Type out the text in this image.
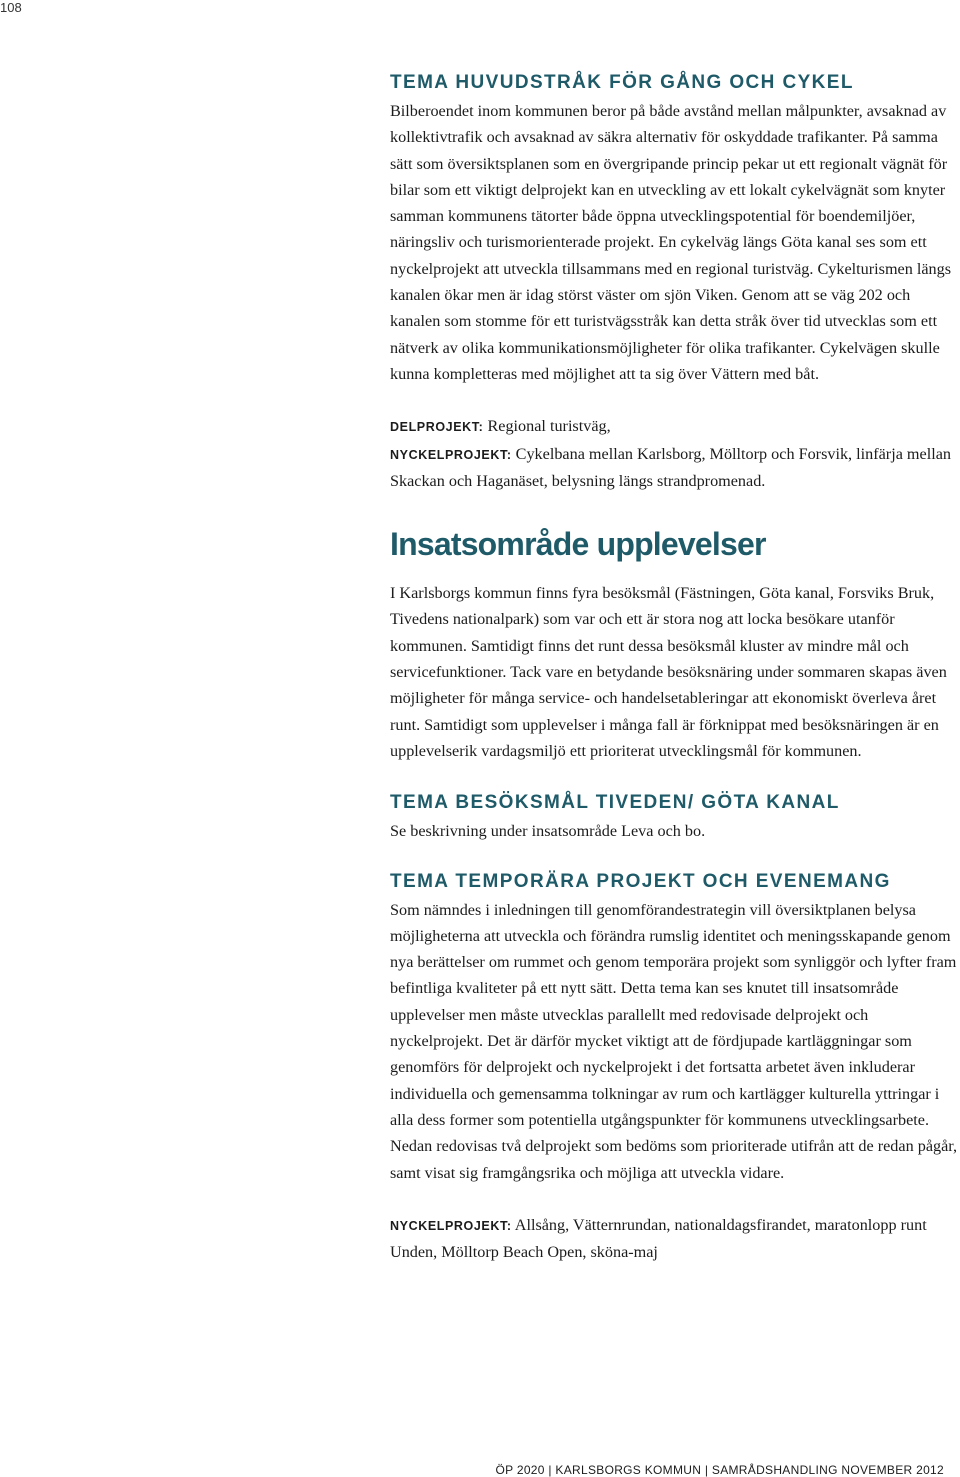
108
TEMA HUVUDSTRÅK FÖR GÅNG OCH CYKEL

Bilberoendet inom kommunen beror på både avstånd mellan målpunkter, avsaknad av kollektivtrafik och avsaknad av säkra alternativ för oskyddade trafikanter. På samma sätt som översiktsplanen som en övergripande princip pekar ut ett regionalt vägnät för bilar som ett viktigt delprojekt kan en utveckling av ett lokalt cykelvägnät som knyter samman kommunens tätorter både öppna utvecklingspotential för boendemiljöer, näringsliv och turismorienterade projekt. En cykelväg längs Göta kanal ses som ett nyckelprojekt att utveckla tillsammans med en regional turistväg. Cykelturismen längs kanalen ökar men är idag störst väster om sjön Viken. Genom att se väg 202 och kanalen som stomme för ett turistvägsstråk kan detta stråk över tid utvecklas som ett nätverk av olika kommunikationsmöjligheter för olika trafikanter. Cykelvägen skulle kunna kompletteras med möjlighet att ta sig över Vättern med båt.

DELPROJEKT: Regional turistväg,

NYCKELPROJEKT: Cykelbana mellan Karlsborg, Mölltorp och Forsvik, linfärja mellan Skackan och Haganäset, belysning längs strandpromenad.

Insatsområde upplevelser

I Karlsborgs kommun finns fyra besöksmål (Fästningen, Göta kanal, Forsviks Bruk, Tivedens nationalpark) som var och ett är stora nog att locka besökare utanför kommunen. Samtidigt finns det runt dessa besöksmål kluster av mindre mål och servicefunktioner. Tack vare en betydande besöksnäring under sommaren skapas även möjligheter för många service- och handelsetableringar att ekonomiskt överleva året runt. Samtidigt som upplevelser i många fall är förknippat med besöksnäringen är en upplevelserik vardagsmiljö ett prioriterat utvecklingsmål för kommunen.

TEMA BESÖKSMÅL TIVEDEN/ GÖTA KANAL

Se beskrivning under insatsområde Leva och bo.

TEMA TEMPORÄRA PROJEKT OCH EVENEMANG

Som nämndes i inledningen till genomförandestrategin vill översiktplanen belysa möjligheterna att utveckla och förändra rumslig identitet och meningsskapande genom nya berättelser om rummet och genom temporära projekt som synliggör och lyfter fram befintliga kvaliteter på ett nytt sätt. Detta tema kan ses knutet till insatsområde upplevelser men måste utvecklas parallellt med redovisade delprojekt och nyckelprojekt. Det är därför mycket viktigt att de fördjupade kartläggningar som genomförs för delprojekt och nyckelprojekt i det fortsatta arbetet även inkluderar individuella och gemensamma tolkningar av rum och kartlägger kulturella yttringar i alla dess former som potentiella utgångspunkter för kommunens utvecklingsarbete. Nedan redovisas två delprojekt som bedöms som prioriterade utifrån att de redan pågår, samt visat sig framgångsrika och möjliga att utveckla vidare.

NYCKELPROJEKT: Allsång, Vätternrundan, nationaldagsfirandet, maratonlopp runt Unden, Mölltorp Beach Open, sköna-maj

ÖP 2020 | KARLSBORGS KOMMUN | SAMRÅDSHANDLING NOVEMBER 2012
